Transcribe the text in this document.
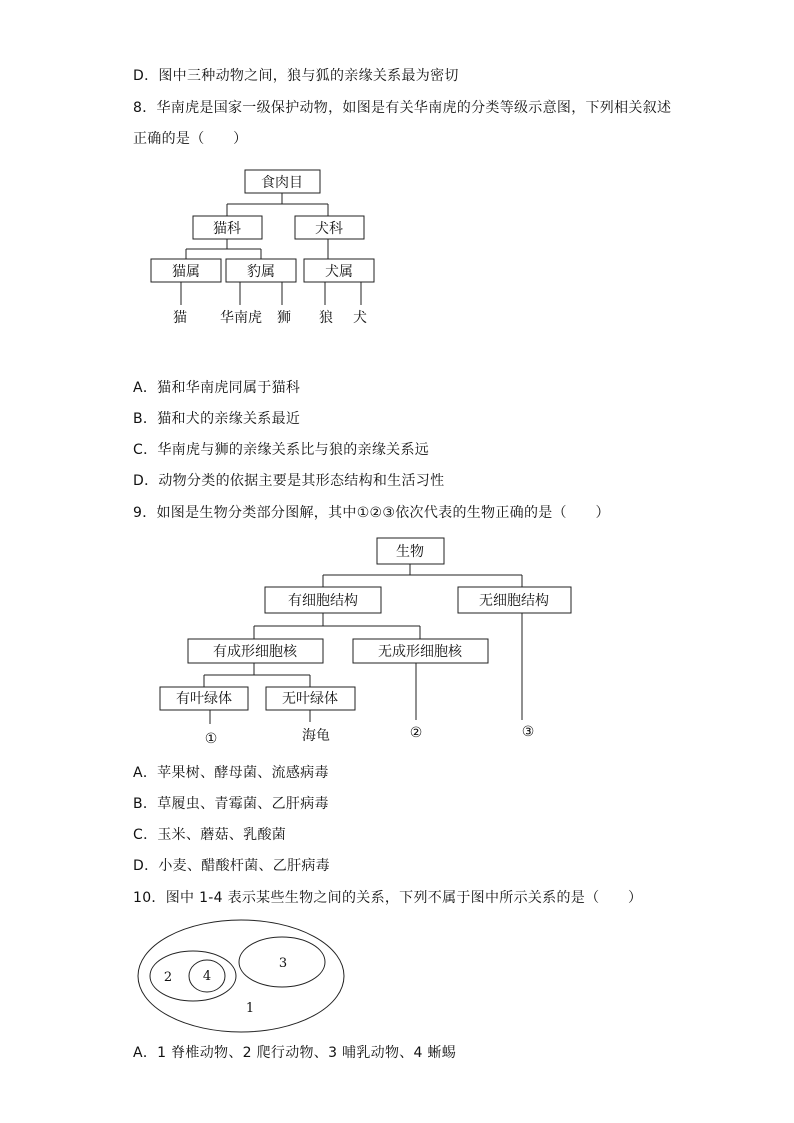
D．图中三种动物之间，狼与狐的亲缘关系最为密切
8．华南虎是国家一级保护动物，如图是有关华南虎的分类等级示意图，下列相关叙述
正确的是（　　）
食肉目
猫科	犬科
猫属	豹属	犬属
猫 华南虎 狮 狼 犬
A．猫和华南虎同属于猫科
B．猫和犬的亲缘关系最近
C．华南虎与狮的亲缘关系比与狼的亲缘关系远
D．动物分类的依据主要是其形态结构和生活习性
9．如图是生物分类部分图解，其中①②③依次代表的生物正确的是（　　）
生物
有细胞结构	无细胞结构
有成形细胞核	无成形细胞核
有叶绿体	无叶绿体
①	海龟	②	③
A．苹果树、酵母菌、流感病毒
B．草履虫、青霉菌、乙肝病毒
C．玉米、蘑菇、乳酸菌
D．小麦、醋酸杆菌、乙肝病毒
10．图中 1-4 表示某些生物之间的关系，下列不属于图中所示关系的是（　　）
1
2
3
4
A．1 脊椎动物、2 爬行动物、3 哺乳动物、4 蜥蜴
